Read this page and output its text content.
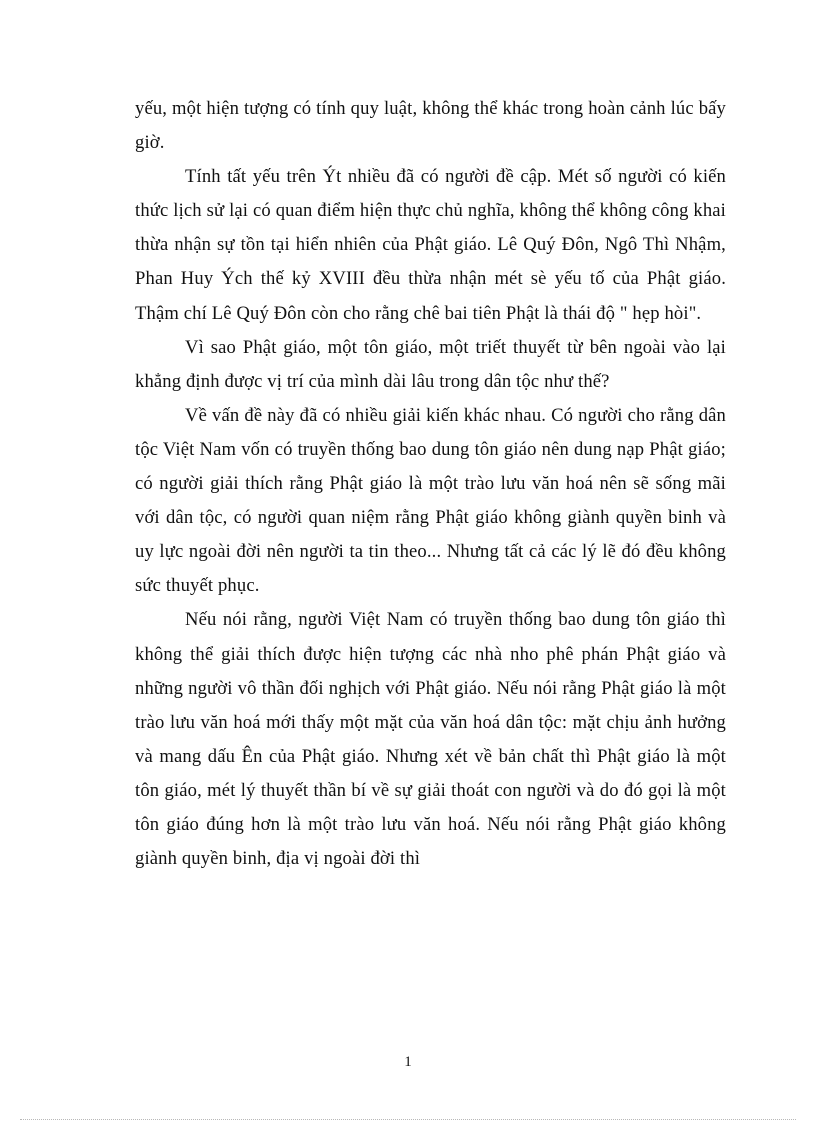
yếu, một hiện tượng có tính quy luật, không thể khác trong hoàn cảnh lúc bấy giờ.

Tính tất yếu trên Ýt nhiều đã có người đề cập. Mét số người có kiến thức lịch sử lại có quan điểm hiện thực chủ nghĩa, không thể không công khai thừa nhận sự tồn tại hiển nhiên của Phật giáo. Lê Quý Đôn, Ngô Thì Nhậm, Phan Huy Ých thế kỷ XVIII đều thừa nhận mét sè yếu tố của Phật giáo. Thậm chí Lê Quý Đôn còn cho rằng chê bai tiên Phật là thái độ " hẹp hòi".

Vì sao Phật giáo, một tôn giáo, một triết thuyết từ bên ngoài vào lại khẳng định được vị trí của mình dài lâu trong dân tộc như thế?

Về vấn đề này đã có nhiều giải kiến khác nhau. Có người cho rằng dân tộc Việt Nam vốn có truyền thống bao dung tôn giáo nên dung nạp Phật giáo; có người giải thích rằng Phật giáo là một trào lưu văn hoá nên sẽ sống mãi với dân tộc, có người quan niệm rằng Phật giáo không giành quyền binh và uy lực ngoài đời nên người ta tin theo... Nhưng tất cả các lý lẽ đó đều không sức thuyết phục.

Nếu nói rằng, người Việt Nam có truyền thống bao dung tôn giáo thì không thể giải thích được hiện tượng các nhà nho phê phán Phật giáo và những người vô thần đối nghịch với Phật giáo. Nếu nói rằng Phật giáo là một trào lưu văn hoá mới thấy một mặt của văn hoá dân tộc: mặt chịu ảnh hưởng và mang dấu Ên của Phật giáo. Nhưng xét về bản chất thì Phật giáo là một tôn giáo, mét lý thuyết thần bí về sự giải thoát con người và do đó gọi là một tôn giáo đúng hơn là một trào lưu văn hoá. Nếu nói rằng Phật giáo không giành quyền binh, địa vị ngoài đời thì

1
